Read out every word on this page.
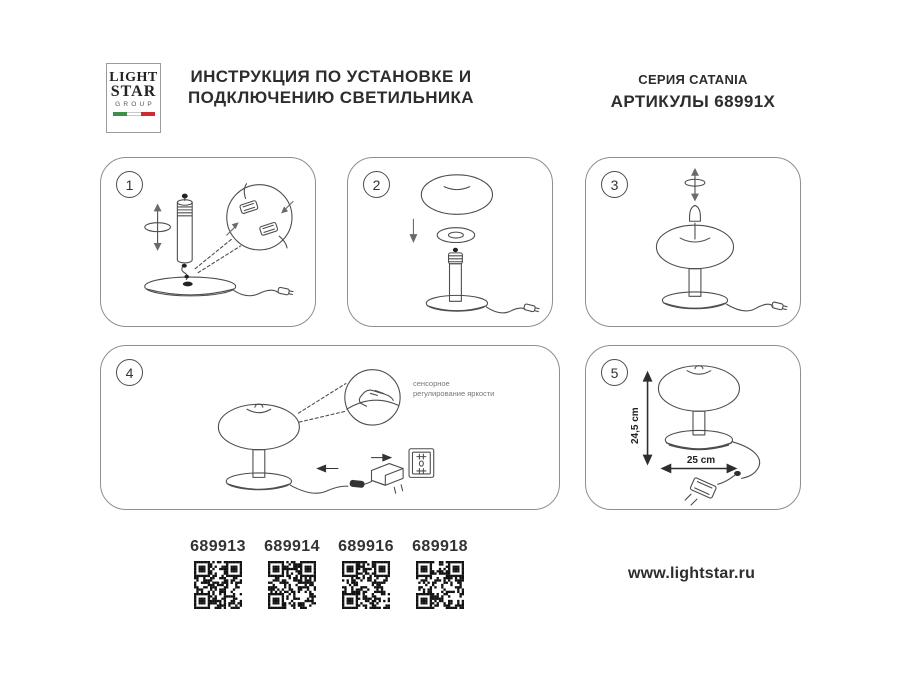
LIGHT
STAR
GROUP
ИНСТРУКЦИЯ ПО УСТАНОВКЕ И
ПОДКЛЮЧЕНИЮ СВЕТИЛЬНИКА
СЕРИЯ CATANIA
АРТИКУЛЫ 68991X
1	2	3
4
сенсорное регулирование яркости
5
24,5 cm
25 cm
689913 689914 689916 689918
www.lightstar.ru
